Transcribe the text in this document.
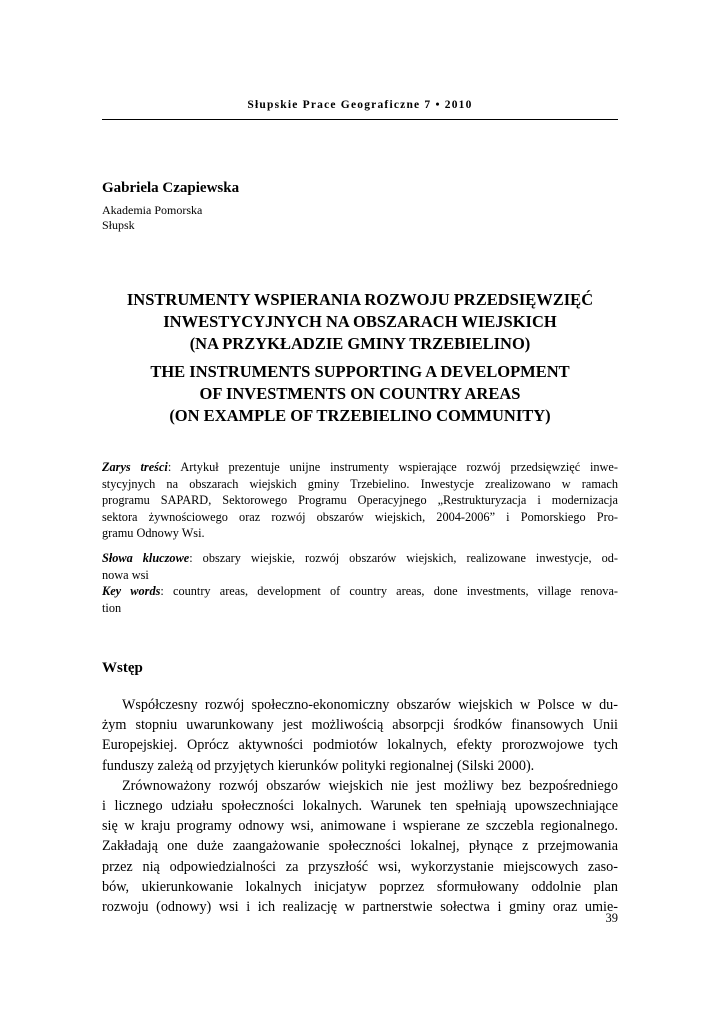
Słupskie Prace Geograficzne 7 • 2010
Gabriela Czapiewska
Akademia Pomorska
Słupsk
INSTRUMENTY WSPIERANIA ROZWOJU PRZEDSIĘWZIĘĆ
INWESTYCYJNYCH NA OBSZARACH WIEJSKICH
(NA PRZYKŁADZIE GMINY TRZEBIELINO)
THE INSTRUMENTS SUPPORTING A DEVELOPMENT
OF INVESTMENTS ON COUNTRY AREAS
(ON EXAMPLE OF TRZEBIELINO COMMUNITY)
Zarys treści: Artykuł prezentuje unijne instrumenty wspierające rozwój przedsięwzięć inwe-
stycyjnych na obszarach wiejskich gminy Trzebielino. Inwestycje zrealizowano w ramach
programu SAPARD, Sektorowego Programu Operacyjnego „Restrukturyzacja i modernizacja
sektora żywnościowego oraz rozwój obszarów wiejskich, 2004-2006” i Pomorskiego Pro-
gramu Odnowy Wsi.
Słowa kluczowe: obszary wiejskie, rozwój obszarów wiejskich, realizowane inwestycje, od-
nowa wsi
Key words: country areas, development of country areas, done investments, village renova-
tion
Wstęp
Współczesny rozwój społeczno-ekonomiczny obszarów wiejskich w Polsce w du-
żym stopniu uwarunkowany jest możliwością absorpcji środków finansowych Unii
Europejskiej. Oprócz aktywności podmiotów lokalnych, efekty prorozwojowe tych
funduszy zależą od przyjętych kierunków polityki regionalnej (Silski 2000).
Zrównoważony rozwój obszarów wiejskich nie jest możliwy bez bezpośredniego
i licznego udziału społeczności lokalnych. Warunek ten spełniają upowszechniające
się w kraju programy odnowy wsi, animowane i wspierane ze szczebla regionalnego.
Zakładają one duże zaangażowanie społeczności lokalnej, płynące z przejmowania
przez nią odpowiedzialności za przyszłość wsi, wykorzystanie miejscowych zaso-
bów, ukierunkowanie lokalnych inicjatyw poprzez sformułowany oddolnie plan
rozwoju (odnowy) wsi i ich realizację w partnerstwie sołectwa i gminy oraz umie-
39
